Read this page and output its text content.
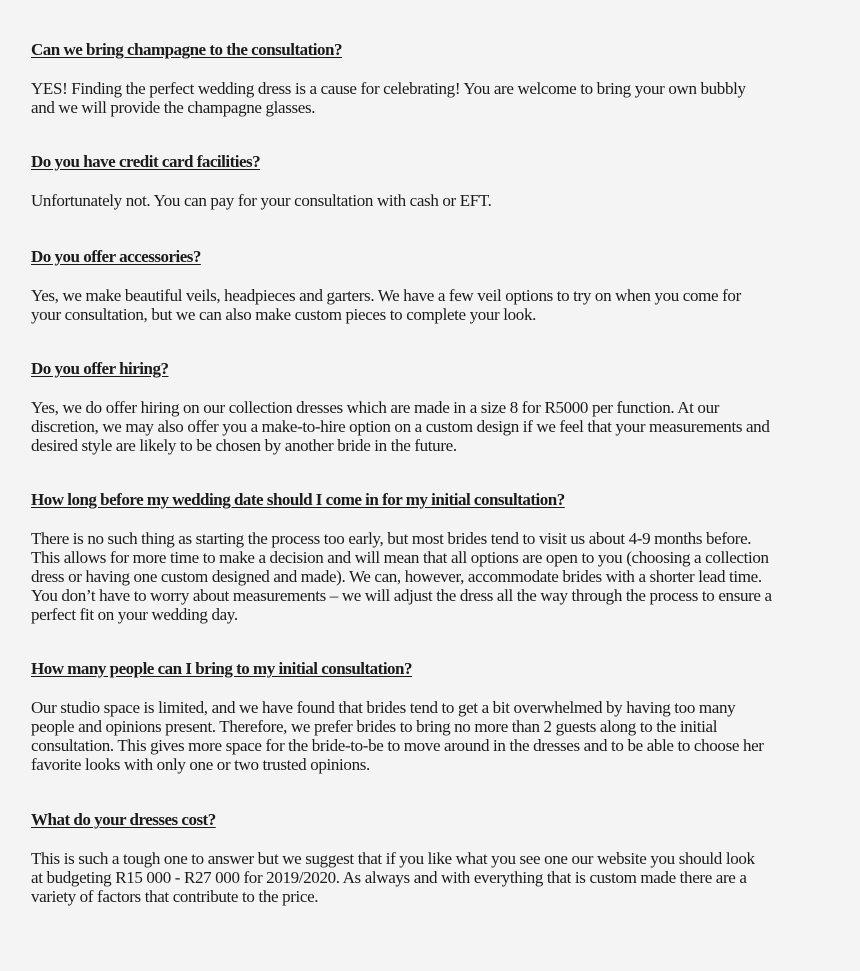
Can we bring champagne to the consultation?

YES! Finding the perfect wedding dress is a cause for celebrating! You are welcome to bring your own bubbly
and we will provide the champagne glasses.

Do you have credit card facilities?

Unfortunately not. You can pay for your consultation with cash or EFT.

Do you offer accessories?

Yes, we make beautiful veils, headpieces and garters. We have a few veil options to try on when you come for
your consultation, but we can also make custom pieces to complete your look.

Do you offer hiring?

Yes, we do offer hiring on our collection dresses which are made in a size 8 for R5000 per function. At our
discretion, we may also offer you a make-to-hire option on a custom design if we feel that your measurements and
desired style are likely to be chosen by another bride in the future.

How long before my wedding date should I come in for my initial consultation?

There is no such thing as starting the process too early, but most brides tend to visit us about 4-9 months before.
This allows for more time to make a decision and will mean that all options are open to you (choosing a collection
dress or having one custom designed and made). We can, however, accommodate brides with a shorter lead time.
You don’t have to worry about measurements – we will adjust the dress all the way through the process to ensure a
perfect fit on your wedding day.

How many people can I bring to my initial consultation?

Our studio space is limited, and we have found that brides tend to get a bit overwhelmed by having too many
people and opinions present. Therefore, we prefer brides to bring no more than 2 guests along to the initial
consultation. This gives more space for the bride-to-be to move around in the dresses and to be able to choose her
favorite looks with only one or two trusted opinions.

What do your dresses cost?

This is such a tough one to answer but we suggest that if you like what you see one our website you should look
at budgeting R15 000 - R27 000 for 2019/2020. As always and with everything that is custom made there are a
variety of factors that contribute to the price.
